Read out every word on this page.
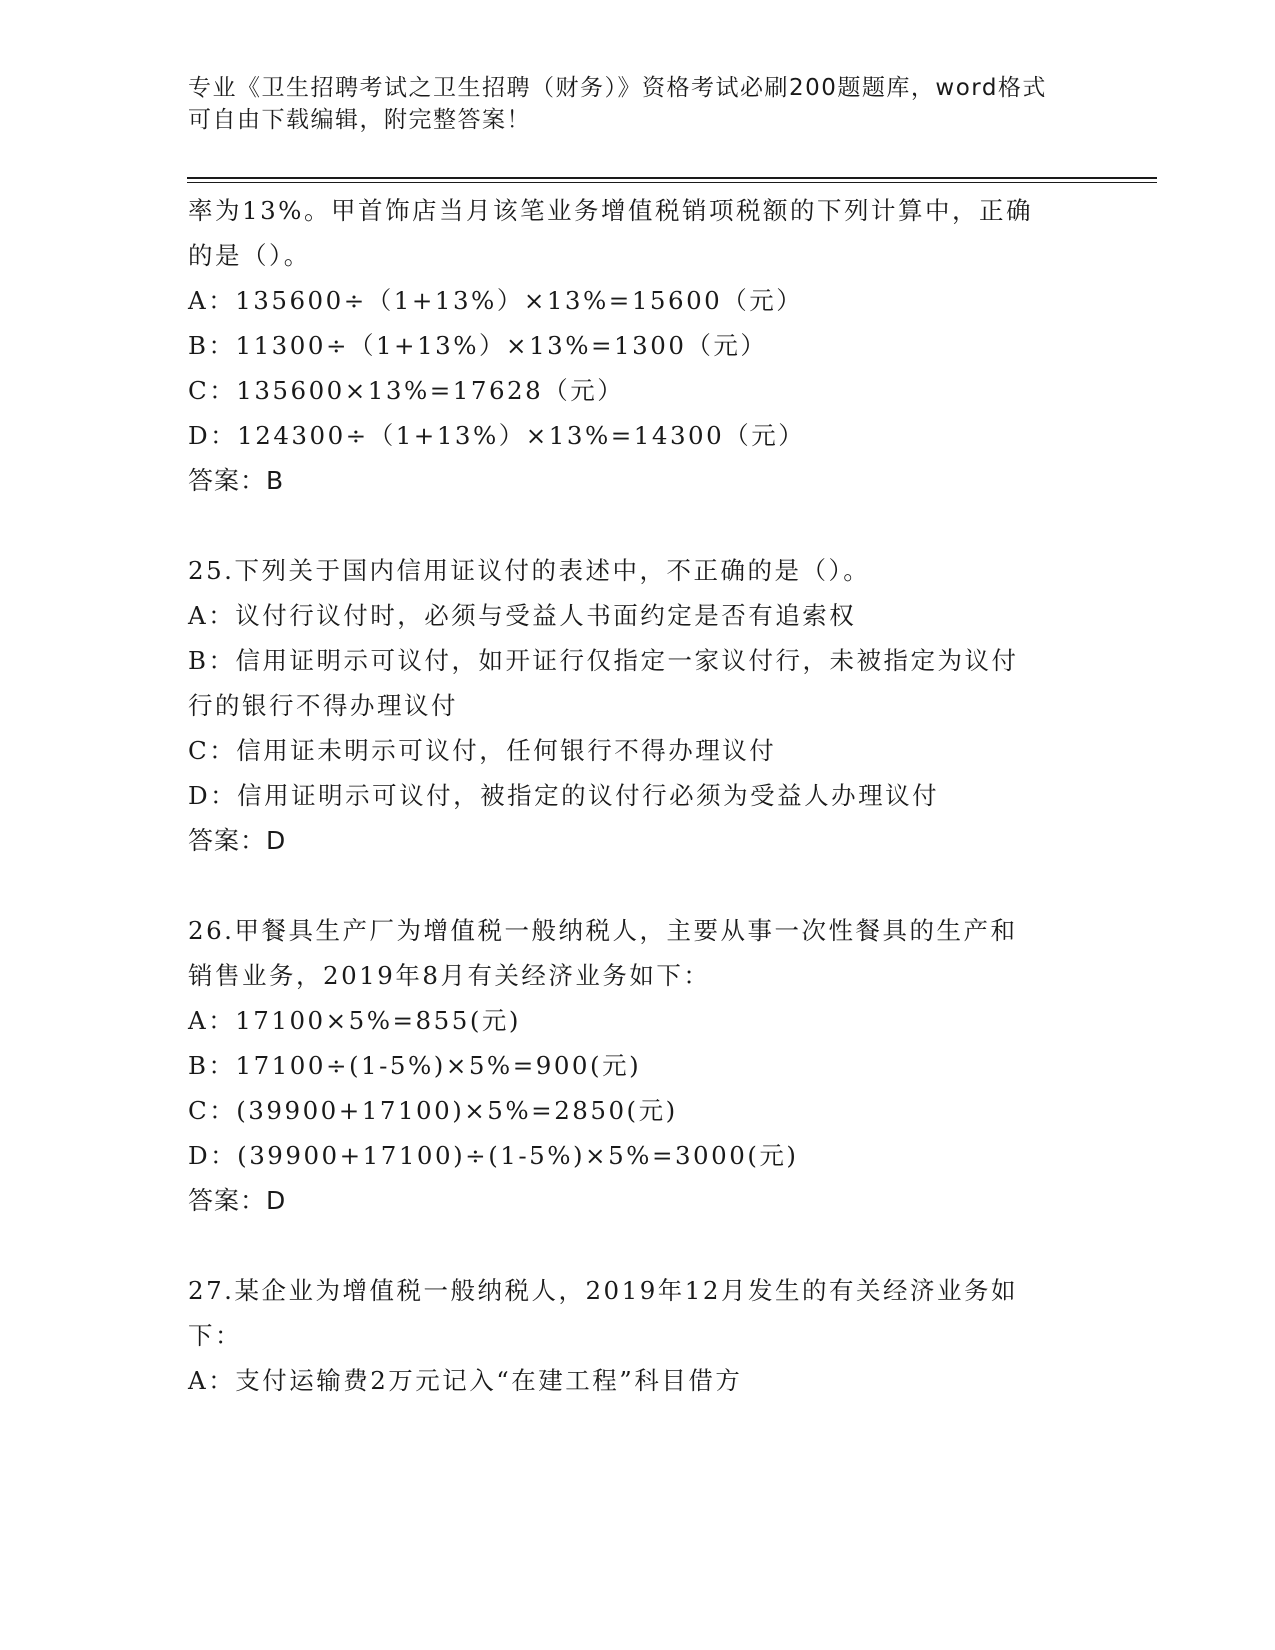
专业《卫生招聘考试之卫生招聘（财务）》资格考试必刷200题题库，word格式
可自由下载编辑，附完整答案！
率为13%。甲首饰店当月该笔业务增值税销项税额的下列计算中，正确
的是（）。
A：135600÷（1+13%）×13%=15600（元）
B：11300÷（1+13%）×13%=1300（元）
C：135600×13%=17628（元）
D：124300÷（1+13%）×13%=14300（元）
答案：B
25.下列关于国内信用证议付的表述中，不正确的是（）。
A：议付行议付时，必须与受益人书面约定是否有追索权
B：信用证明示可议付，如开证行仅指定一家议付行，未被指定为议付
行的银行不得办理议付
C：信用证未明示可议付，任何银行不得办理议付
D：信用证明示可议付，被指定的议付行必须为受益人办理议付
答案：D
26.甲餐具生产厂为增值税一般纳税人，主要从事一次性餐具的生产和
销售业务，2019年8月有关经济业务如下：
A：17100×5%=855(元)
B：17100÷(1-5%)×5%=900(元)
C：(39900+17100)×5%=2850(元)
D：(39900+17100)÷(1-5%)×5%=3000(元)
答案：D
27.某企业为增值税一般纳税人，2019年12月发生的有关经济业务如
下：
A：支付运输费2万元记入“在建工程”科目借方
